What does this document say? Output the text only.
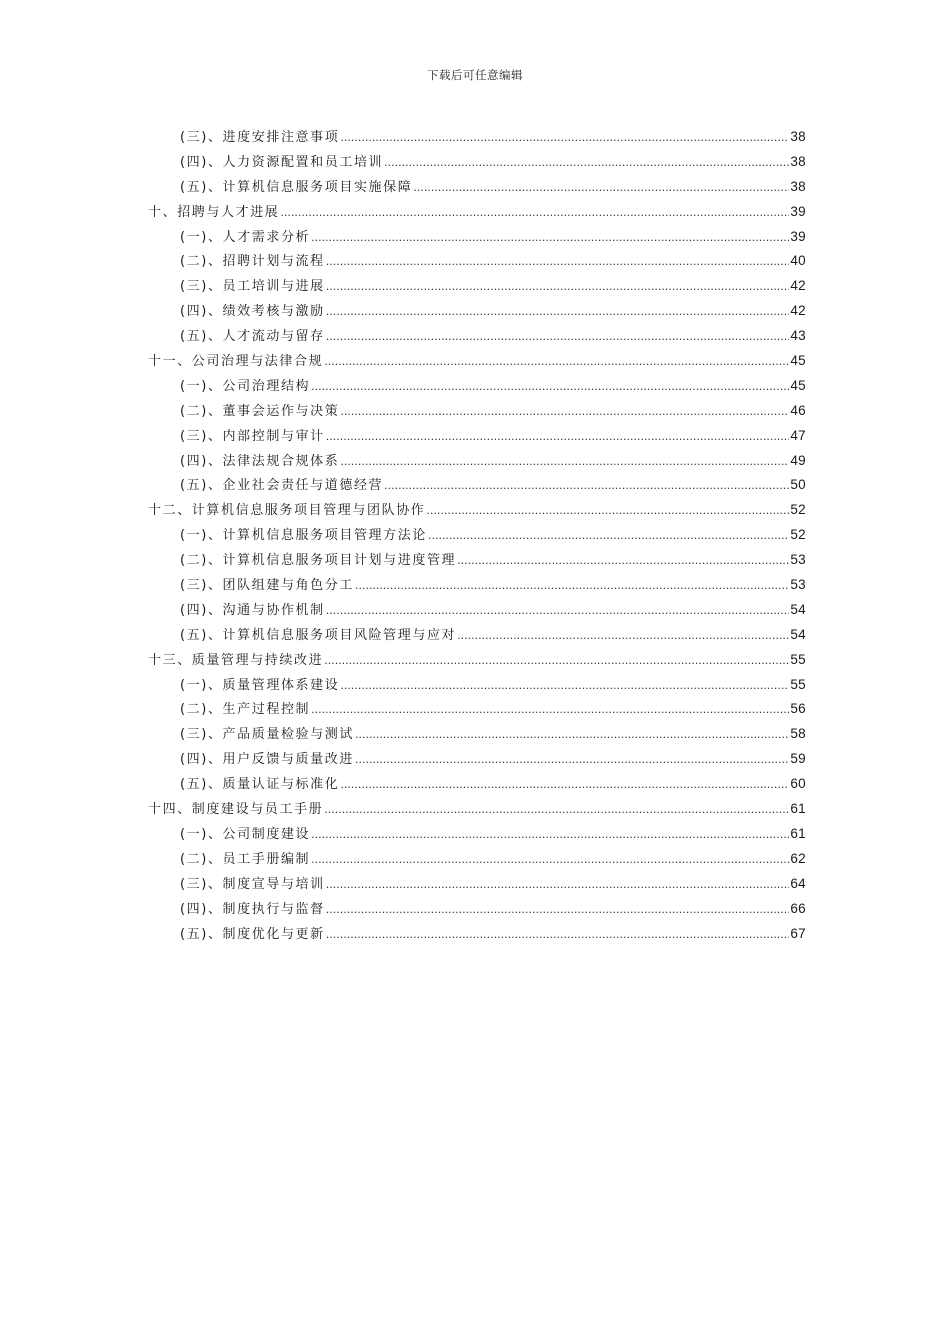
下载后可任意编辑
(三)、进度安排注意事项 .....	38
(四)、人力资源配置和员工培训 .....	38
(五)、计算机信息服务项目实施保障 .....	38
十、招聘与人才进展 .....	39
(一)、人才需求分析 .....	39
(二)、招聘计划与流程 .....	40
(三)、员工培训与进展 .....	42
(四)、绩效考核与激励 .....	42
(五)、人才流动与留存 .....	43
十一、公司治理与法律合规 .....	45
(一)、公司治理结构 .....	45
(二)、董事会运作与决策 .....	46
(三)、内部控制与审计 .....	47
(四)、法律法规合规体系 .....	49
(五)、企业社会责任与道德经营 .....	50
十二、计算机信息服务项目管理与团队协作 .....	52
(一)、计算机信息服务项目管理方法论 .....	52
(二)、计算机信息服务项目计划与进度管理 .....	53
(三)、团队组建与角色分工 .....	53
(四)、沟通与协作机制 .....	54
(五)、计算机信息服务项目风险管理与应对 .....	54
十三、质量管理与持续改进 .....	55
(一)、质量管理体系建设 .....	55
(二)、生产过程控制 .....	56
(三)、产品质量检验与测试 .....	58
(四)、用户反馈与质量改进 .....	59
(五)、质量认证与标准化 .....	60
十四、制度建设与员工手册 .....	61
(一)、公司制度建设 .....	61
(二)、员工手册编制 .....	62
(三)、制度宣导与培训 .....	64
(四)、制度执行与监督 .....	66
(五)、制度优化与更新 .....	67
